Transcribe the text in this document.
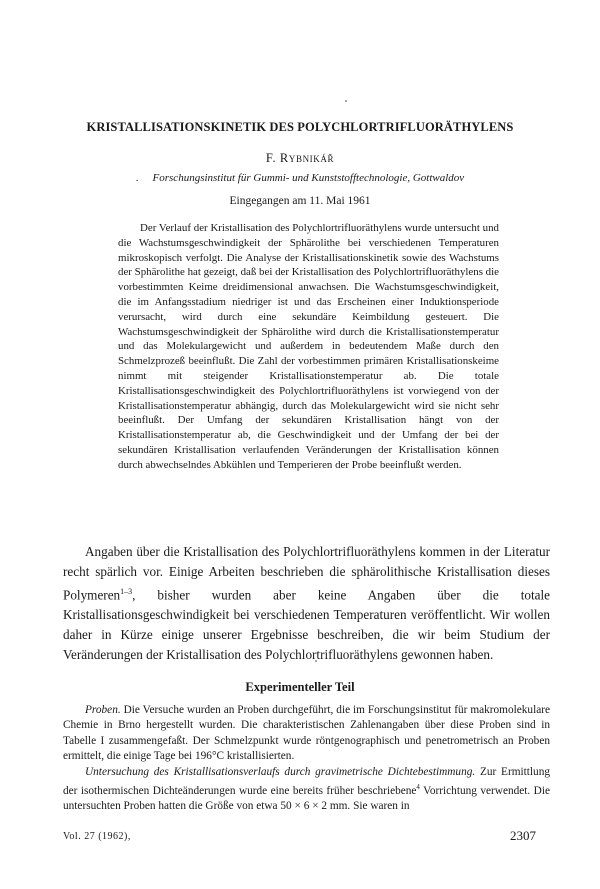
KRISTALLISATIONSKINETIK DES POLYCHLORTRIFLUORÄTHYLENS
F. Rybnikář
. Forschungsinstitut für Gummi- und Kunststofftechnologie, Gottwaldov
Eingegangen am 11. Mai 1961

Der Verlauf der Kristallisation des Polychlortrifluoräthylens wurde untersucht und die Wachstumsgeschwindigkeit der Sphärolithe bei verschiedenen Temperaturen mikroskopisch verfolgt. Die Analyse der Kristallisationskinetik sowie des Wachstums der Sphärolithe hat gezeigt, daß bei der Kristallisation des Polychlortrifluoräthylens die vorbestimmten Keime dreidimensional anwachsen. Die Wachstumsgeschwindigkeit, die im Anfangsstadium niedriger ist und das Erscheinen einer Induktionsperiode verursacht, wird durch eine sekundäre Keimbildung gesteuert. Die Wachstumsgeschwindigkeit der Sphärolithe wird durch die Kristallisationstemperatur und das Molekulargewicht und außerdem in bedeutendem Maße durch den Schmelzprozeß beeinflußt. Die Zahl der vorbestimmen primären Kristallisationskeime nimmt mit steigender Kristallisationstemperatur ab. Die totale Kristallisationsgeschwindigkeit des Polychlortrifluoräthylens ist vorwiegend von der Kristallisationstemperatur abhängig, durch das Molekulargewicht wird sie nicht sehr beeinflußt. Der Umfang der sekundären Kristallisation hängt von der Kristallisationstemperatur ab, die Geschwindigkeit und der Umfang der bei der sekundären Kristallisation verlaufenden Veränderungen der Kristallisation können durch abwechselndes Abkühlen und Temperieren der Probe beeinflußt werden.

Angaben über die Kristallisation des Polychlortrifluoräthylens kommen in der Literatur recht spärlich vor. Einige Arbeiten beschrieben die sphärolithische Kristallisation dieses Polymeren$^{1-3}$, bisher wurden aber keine Angaben über die totale Kristallisationsgeschwindigkeit bei verschiedenen Temperaturen veröffentlicht. Wir wollen daher in Kürze einige unserer Ergebnisse beschreiben, die wir beim Studium der Veränderungen der Kristallisation des Polychlortrifluoräthylens gewonnen haben.

Experimenteller Teil

Proben. Die Versuche wurden an Proben durchgeführt, die im Forschungsinstitut für makromolekulare Chemie in Brno hergestellt wurden. Die charakteristischen Zahlenangaben über diese Proben sind in Tabelle I zusammengefaßt. Der Schmelzpunkt wurde röntgenographisch und penetrometrisch an Proben ermittelt, die einige Tage bei 196°C kristallisierten.

Untersuchung des Kristallisationsverlaufs durch gravimetrische Dichtebestimmung. Zur Ermittlung der isothermischen Dichteänderungen wurde eine bereits früher beschriebene$^4$ Vorrichtung verwendet. Die untersuchten Proben hatten die Größe von etwa 50 × 6 × 2 mm. Sie waren in

Vol. 27 (1962),	2307
